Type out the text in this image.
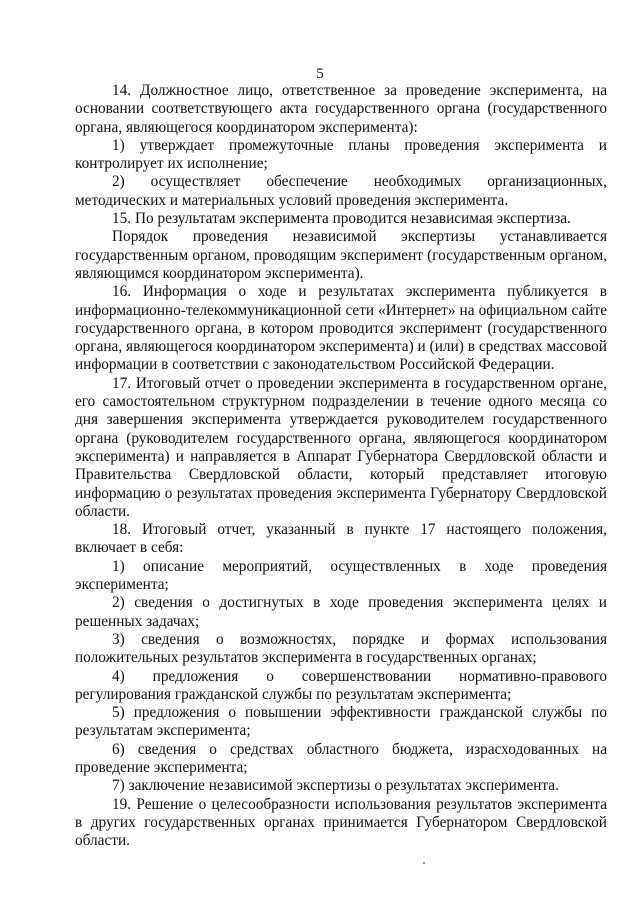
5

14. Должностное лицо, ответственное за проведение эксперимента, на основании соответствующего акта государственного органа (государственного органа, являющегося координатором эксперимента):

1) утверждает промежуточные планы проведения эксперимента и контролирует их исполнение;

2) осуществляет обеспечение необходимых организационных, методических и материальных условий проведения эксперимента.

15. По результатам эксперимента проводится независимая экспертиза.

Порядок проведения независимой экспертизы устанавливается государственным органом, проводящим эксперимент (государственным органом, являющимся координатором эксперимента).

16. Информация о ходе и результатах эксперимента публикуется в информационно-телекоммуникационной сети «Интернет» на официальном сайте государственного органа, в котором проводится эксперимент (государственного органа, являющегося координатором эксперимента) и (или) в средствах массовой информации в соответствии с законодательством Российской Федерации.

17. Итоговый отчет о проведении эксперимента в государственном органе, его самостоятельном структурном подразделении в течение одного месяца со дня завершения эксперимента утверждается руководителем государственного органа (руководителем государственного органа, являющегося координатором эксперимента) и направляется в Аппарат Губернатора Свердловской области и Правительства Свердловской области, который представляет итоговую информацию о результатах проведения эксперимента Губернатору Свердловской области.

18. Итоговый отчет, указанный в пункте 17 настоящего положения, включает в себя:

1) описание мероприятий, осуществленных в ходе проведения эксперимента;

2) сведения о достигнутых в ходе проведения эксперимента целях и решенных задачах;

3) сведения о возможностях, порядке и формах использования положительных результатов эксперимента в государственных органах;

4) предложения о совершенствовании нормативно-правового регулирования гражданской службы по результатам эксперимента;

5) предложения о повышении эффективности гражданской службы по результатам эксперимента;

6) сведения о средствах областного бюджета, израсходованных на проведение эксперимента;

7) заключение независимой экспертизы о результатах эксперимента.

19. Решение о целесообразности использования результатов эксперимента в других государственных органах принимается Губернатором Свердловской области.
